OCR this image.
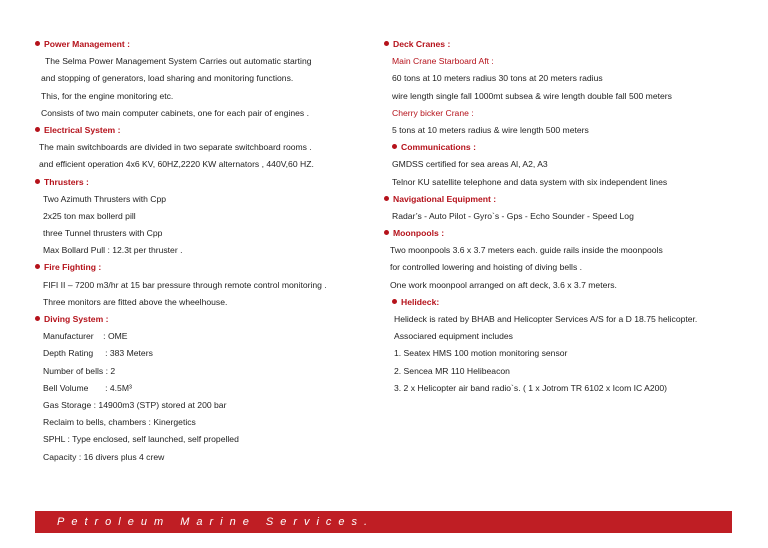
Power Management :
The Selma Power Management System Carries out automatic starting
and stopping of generators, load sharing and monitoring functions.
This, for the engine monitoring etc.
Consists of two main computer cabinets, one for each pair of engines .
Electrical System :
The main switchboards are divided in two separate switchboard rooms .
and efficient operation 4x6 KV, 60HZ,2220 KW alternators , 440V,60 HZ.
Thrusters :
Two Azimuth Thrusters with Cpp
2x25 ton max bollerd pill
three Tunnel thrusters with Cpp
Max Bollard Pull : 12.3t per thruster .
Fire Fighting :
FIFI II – 7200 m3/hr at 15 bar pressure through remote control monitoring .
Three monitors are fitted above the wheelhouse.
Diving System :
Manufacturer    : OME
Depth Rating     : 383 Meters
Number of bells : 2
Bell Volume       : 4.5M³
Gas Storage : 14900m3 (STP) stored at 200 bar
Reclaim to bells, chambers : Kinergetics
SPHL : Type enclosed, self launched, self propelled
Capacity : 16 divers plus 4 crew
Deck Cranes :
Main Crane Starboard Aft :
60 tons at 10 meters radius 30 tons at 20 meters radius
wire length single fall 1000mt subsea & wire length double fall 500 meters
Cherry bicker Crane :
5 tons at 10 meters radius & wire length 500 meters
Communications :
GMDSS certified for sea areas Al, A2, A3
Telnor KU satellite telephone and data system with six independent lines
Navigational Equipment :
Radar’s - Auto Pilot - Gyro`s - Gps - Echo Sounder - Speed Log
Moonpools :
Two moonpools 3.6 x 3.7 meters each. guide rails inside the moonpools
for controlled lowering and hoisting of diving bells .
One work moonpool arranged on aft deck, 3.6 x 3.7 meters.
Helideck:
Helideck is rated by BHAB and Helicopter Services A/S for a D 18.75 helicopter.
Associared equipment includes
1. Seatex HMS 100 motion monitoring sensor
2. Sencea MR 110 Helibeacon
3. 2 x Helicopter air band radio`s. ( 1 x Jotrom TR 6102 x Icom IC A200)
Petroleum Marine Services.
